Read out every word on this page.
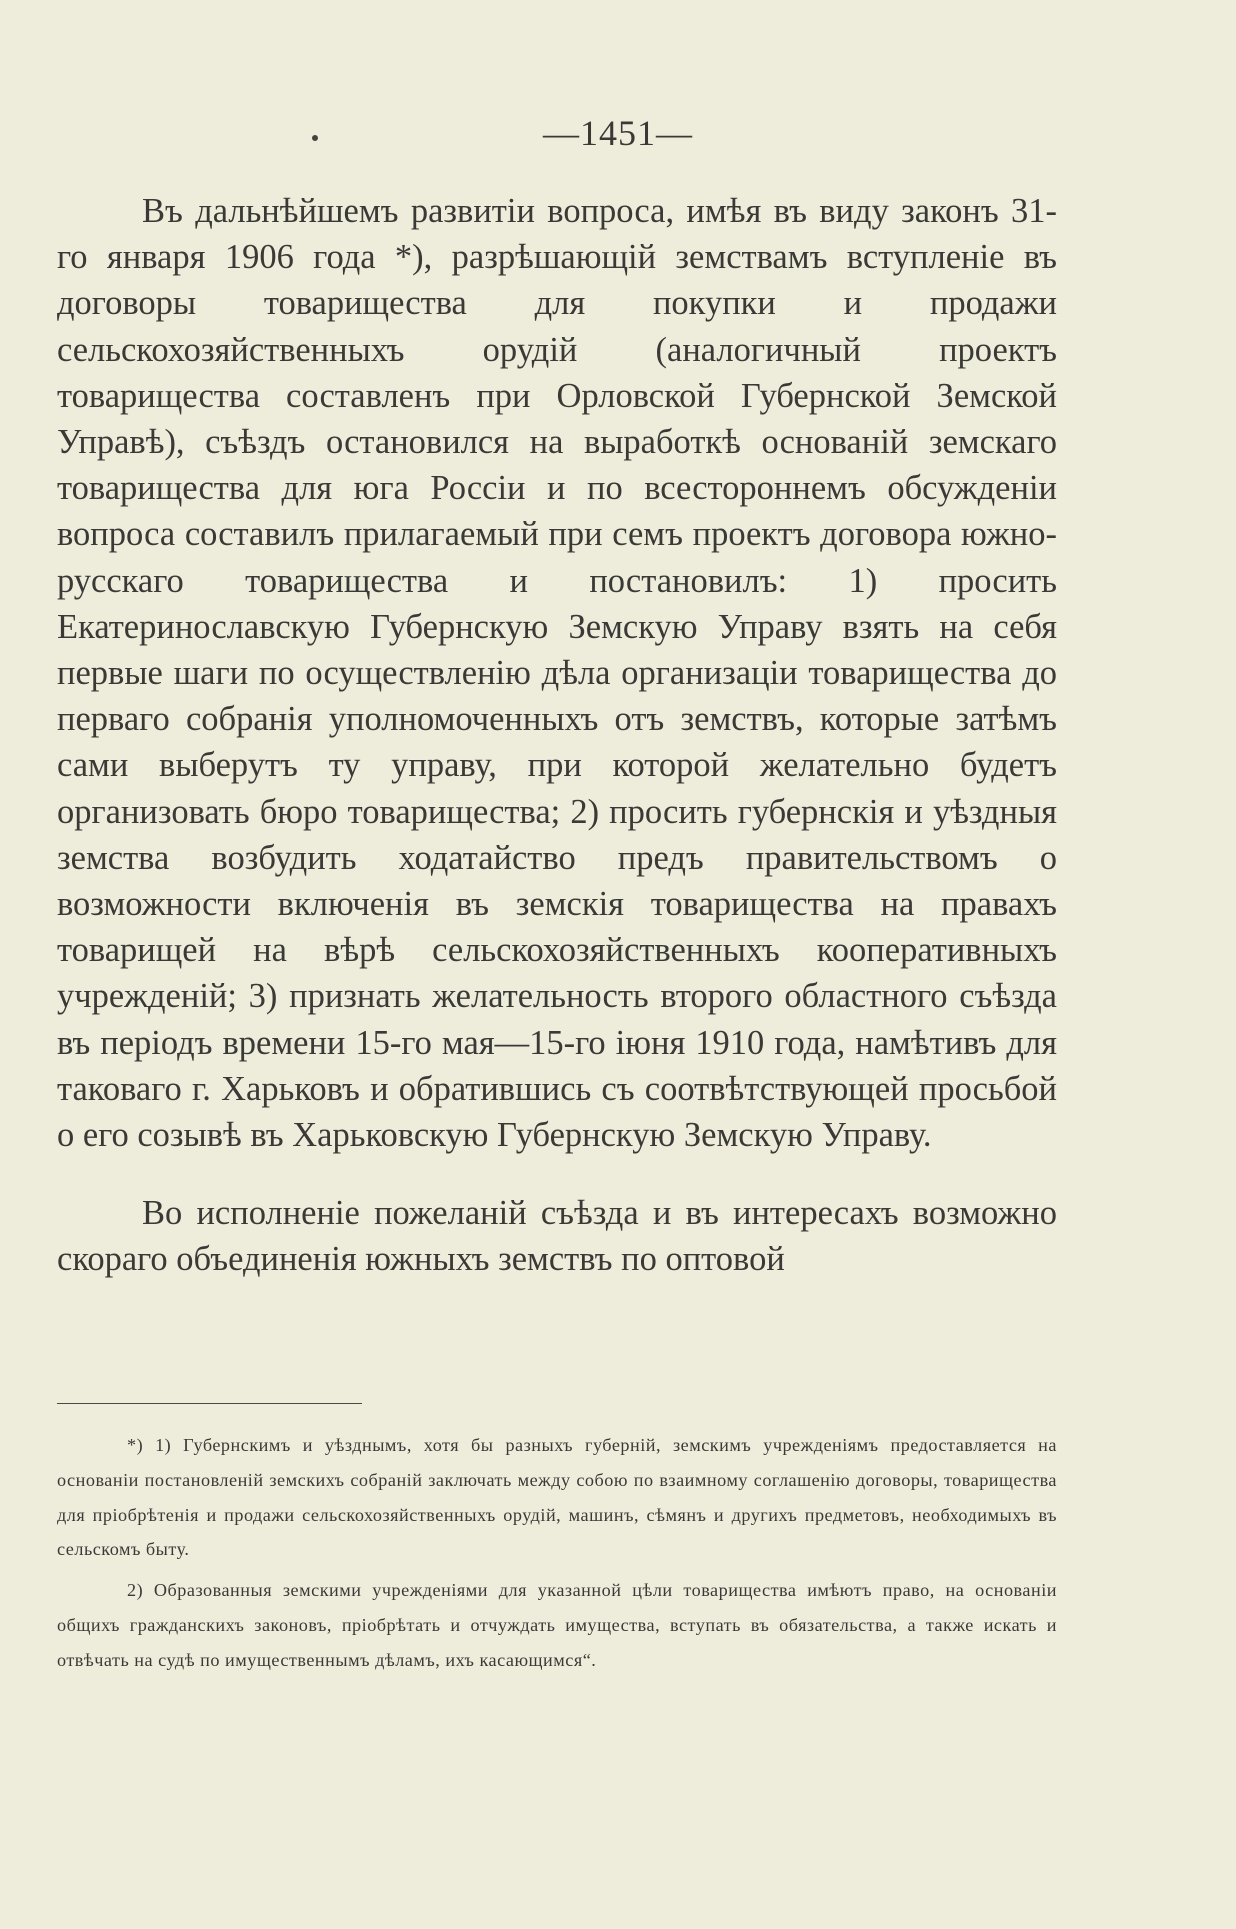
—1451—

Въ дальнѣйшемъ развитіи вопроса, имѣя въ виду законъ 31-го января 1906 года *), разрѣшающій земствамъ вступленіе въ договоры товарищества для покупки и продажи сельскохозяйственныхъ орудій (аналогичный проектъ товарищества составленъ при Орловской Губернской Земской Управѣ), съѣздъ остановился на выработкѣ основаній земскаго товарищества для юга Россіи и по всестороннемъ обсужденіи вопроса составилъ прилагаемый при семъ проектъ договора южно-русскаго товарищества и постановилъ: 1) просить Екатеринославскую Губернскую Земскую Управу взять на себя первые шаги по осуществленію дѣла организаціи товарищества до перваго собранія уполномоченныхъ отъ земствъ, которые затѣмъ сами выберутъ ту управу, при которой желательно будетъ организовать бюро товарищества; 2) просить губернскія и уѣздныя земства возбудить ходатайство предъ правительствомъ о возможности включенія въ земскія товарищества на правахъ товарищей на вѣрѣ сельскохозяйственныхъ кооперативныхъ учрежденій; 3) признать желательность второго областного съѣзда въ періодъ времени 15-го мая—15-го іюня 1910 года, намѣтивъ для таковаго г. Харьковъ и обратившись съ соотвѣтствующей просьбой о его созывѣ въ Харьковскую Губернскую Земскую Управу.

Во исполненіе пожеланій съѣзда и въ интересахъ возможно скораго объединенія южныхъ земствъ по оптовой

*) 1) Губернскимъ и уѣзднымъ, хотя бы разныхъ губерній, земскимъ учрежденіямъ предоставляется на основаніи постановленій земскихъ собраній заключать между собою по взаимному соглашенію договоры, товарищества для пріобрѣтенія и продажи сельскохозяйственныхъ орудій, машинъ, сѣмянъ и другихъ предметовъ, необходимыхъ въ сельскомъ быту.

2) Образованныя земскими учрежденіями для указанной цѣли товарищества имѣютъ право, на основаніи общихъ гражданскихъ законовъ, пріобрѣтать и отчуждать имущества, вступать въ обязательства, а также искать и отвѣчать на судѣ по имущественнымъ дѣламъ, ихъ касающимся“.
